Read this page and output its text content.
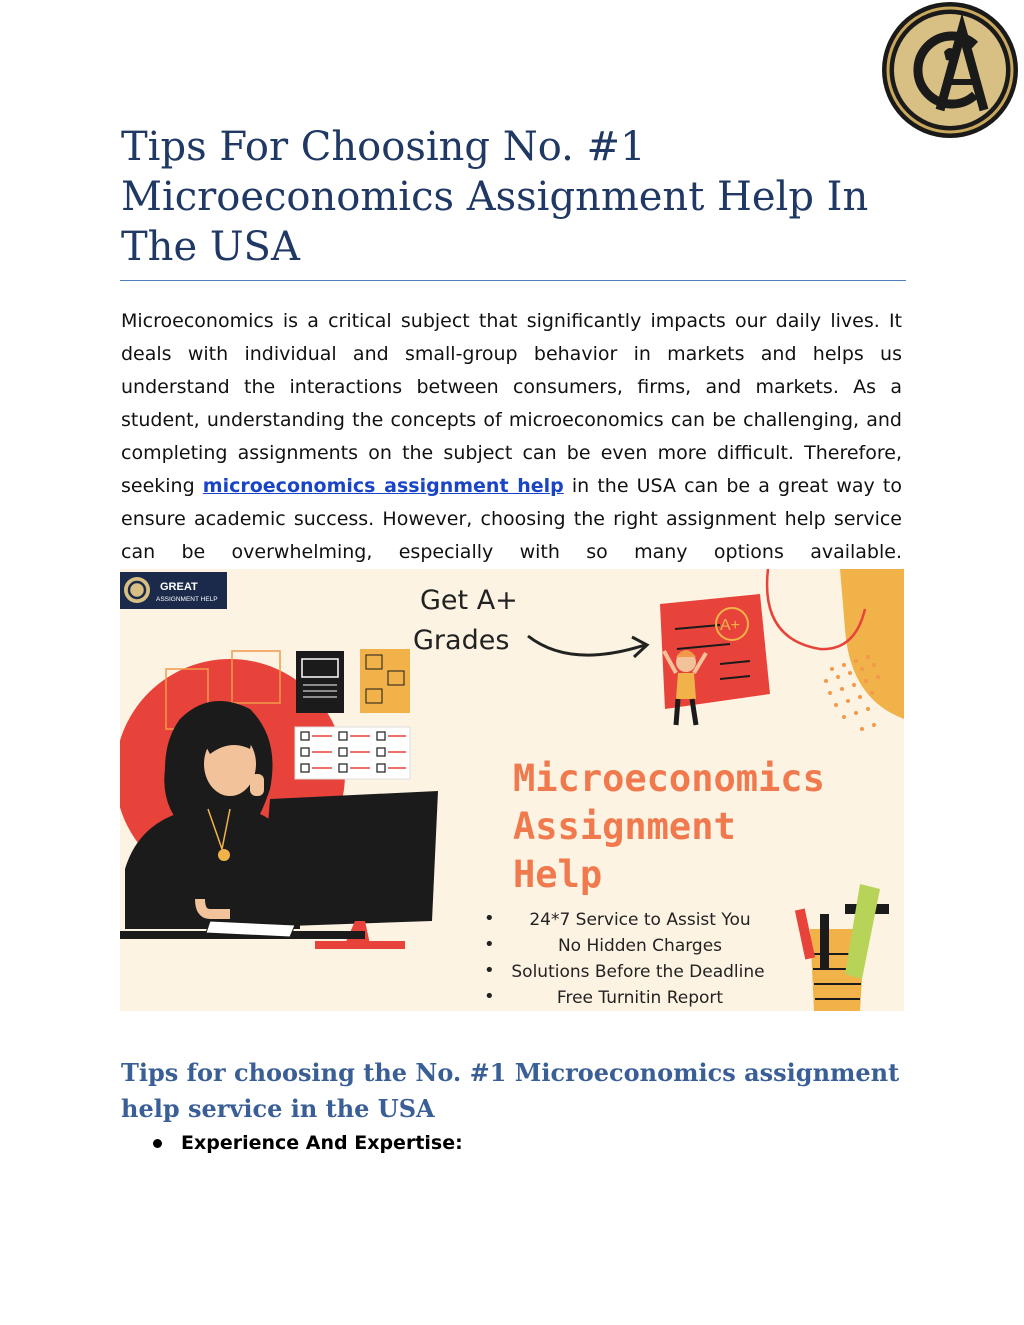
Tips For Choosing No. #1 Microeconomics Assignment Help In The USA

Microeconomics is a critical subject that significantly impacts our daily lives. It deals with individual and small-group behavior in markets and helps us understand the interactions between consumers, firms, and markets. As a student, understanding the concepts of microeconomics can be challenging, and completing assignments on the subject can be even more difficult. Therefore, seeking microeconomics assignment help in the USA can be a great way to ensure academic success. However, choosing the right assignment help service can be overwhelming, especially with so many options available.

GREAT
ASSIGNMENT HELP	Get A+
Grades	A+
Microeconomics
Assignment
Help
•
•
•
•
24*7 Service to Assist You
No Hidden Charges
Solutions Before the Deadline
Free Turnitin Report
Tips for choosing the No. #1 Microeconomics assignment help service in the USA
Experience And Expertise:
